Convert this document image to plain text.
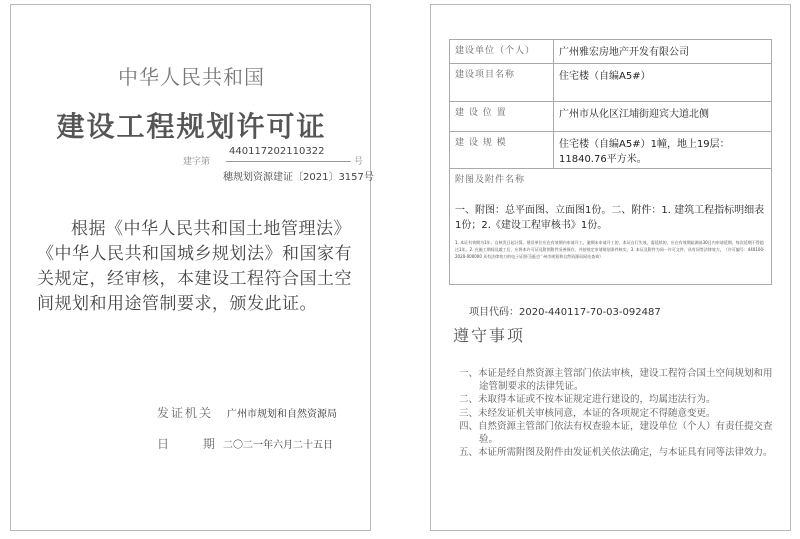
中华人民共和国
建设工程规划许可证
建字第
440117202110322
号
穗规划资源建证〔2021〕3157号
根据《中华人民共和国土地管理法》《中华人民共和国城乡规划法》和国家有关规定，经审核，本建设工程符合国土空间规划和用途管制要求，颁发此证。
发证机关 广州市规划和自然资源局
日	期 二〇二一年六月二十五日
建设单位（个人）	广州雅宏房地产开发有限公司
建设项目名称	住宅楼（自编A5#）
建 设 位 置	广州市从化区江埔街迎宾大道北侧
建 设 规 模	住宅楼（自编A5#）1幢，地上19层：11840.76平方米。

附图及附件名称
一、附图：总平面图、立面图1份。二、附件：1. 建筑工程指标明细表1份；2.《建设工程审核书》1份。
1. 本证有效期为1年，自核发日起计算。建设单位应在有效期内申请开工。逾期未申请开工的，本证自行失效。需延续的，应在有效期届满前30日内申请延期，每次延期不得超过1年。2. 在施工期间及竣工后，应将本许可证及附图附件妥善保存，并按规定申请规划条件核实。3. 本证及附件为同一许可文件，具有同等法律效力。（许可编号：440100-2020-000000 具有法律效力的电子证照可通过广州市规划和自然资源局网站查询）	
项目代码：2020-440117-70-03-092487
遵守事项

一、本证是经自然资源主管部门依法审核，建设工程符合国土空间规划和用途管制要求的法律凭证。

二、未取得本证或不按本证规定进行建设的，均属违法行为。

三、未经发证机关审核同意，本证的各项规定不得随意变更。

四、自然资源主管部门依法有权查验本证，建设单位（个人）有责任提交查验。

五、本证所需附图及附件由发证机关依法确定，与本证具有同等法律效力。
